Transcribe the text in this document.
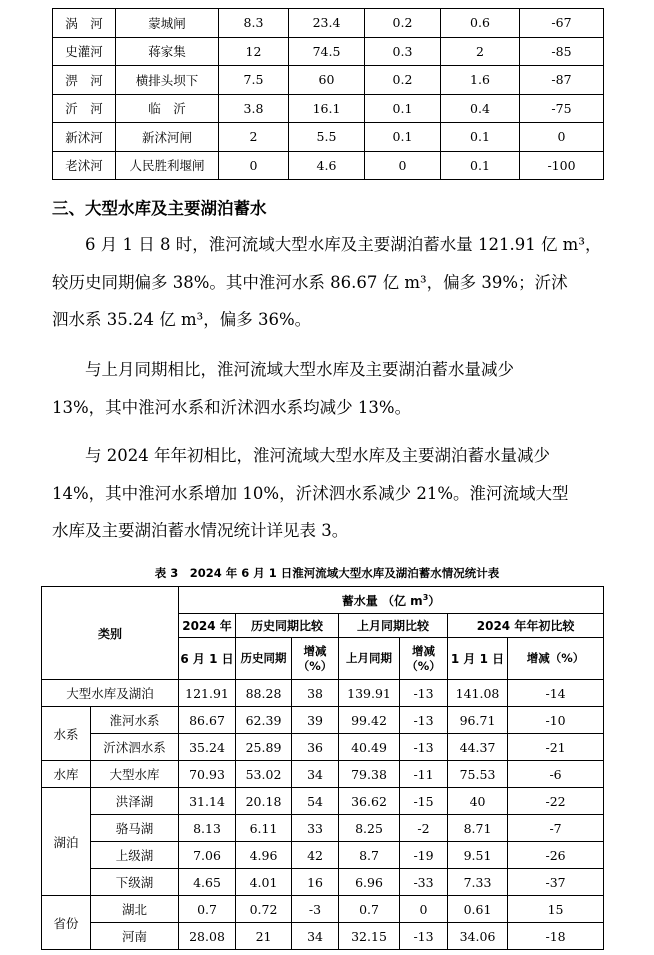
涡　河	蒙城闸	8.3	23.4	0.2	0.6	-67
史灌河	蒋家集	12	74.5	0.3	2	-85
淠　河	横排头坝下	7.5	60	0.2	1.6	-87
沂　河	临　沂	3.8	16.1	0.1	0.4	-75
新沭河	新沭河闸	2	5.5	0.1	0.1	0
老沭河	人民胜利堰闸	0	4.6	0	0.1	-100
三、大型水库及主要湖泊蓄水
6 月 1 日 8 时，淮河流域大型水库及主要湖泊蓄水量 121.91 亿 m³，
较历史同期偏多 38%。其中淮河水系 86.67 亿 m³，偏多 39%；沂沭
泗水系 35.24 亿 m³，偏多 36%。
与上月同期相比，淮河流域大型水库及主要湖泊蓄水量减少
13%，其中淮河水系和沂沭泗水系均减少 13%。
与 2024 年年初相比，淮河流域大型水库及主要湖泊蓄水量减少
14%，其中淮河水系增加 10%，沂沭泗水系减少 21%。淮河流域大型
水库及主要湖泊蓄水情况统计详见表 3。

表 3　2024 年 6 月 1 日淮河流域大型水库及湖泊蓄水情况统计表

类别		蓄水量 （亿 $m^3$）						
		2024 年	历史同期比较		上月同期比较		2024 年年初比较	
		6 月 1 日	历史同期	增减（%）	上月同期	增减（%）	1 月 1 日	增减（%）
大型水库及湖泊		121.91	88.28	38	139.91	-13	141.08	-14
水系	淮河水系	86.67	62.39	39	99.42	-13	96.71	-10
	沂沭泗水系	35.24	25.89	36	40.49	-13	44.37	-21
水库	大型水库	70.93	53.02	34	79.38	-11	75.53	-6
湖泊	洪泽湖	31.14	20.18	54	36.62	-15	40	-22
	骆马湖	8.13	6.11	33	8.25	-2	8.71	-7
	上级湖	7.06	4.96	42	8.7	-19	9.51	-26
	下级湖	4.65	4.01	16	6.96	-33	7.33	-37
省份	湖北	0.7	0.72	-3	0.7	0	0.61	15
	河南	28.08	21	34	32.15	-13	34.06	-18
